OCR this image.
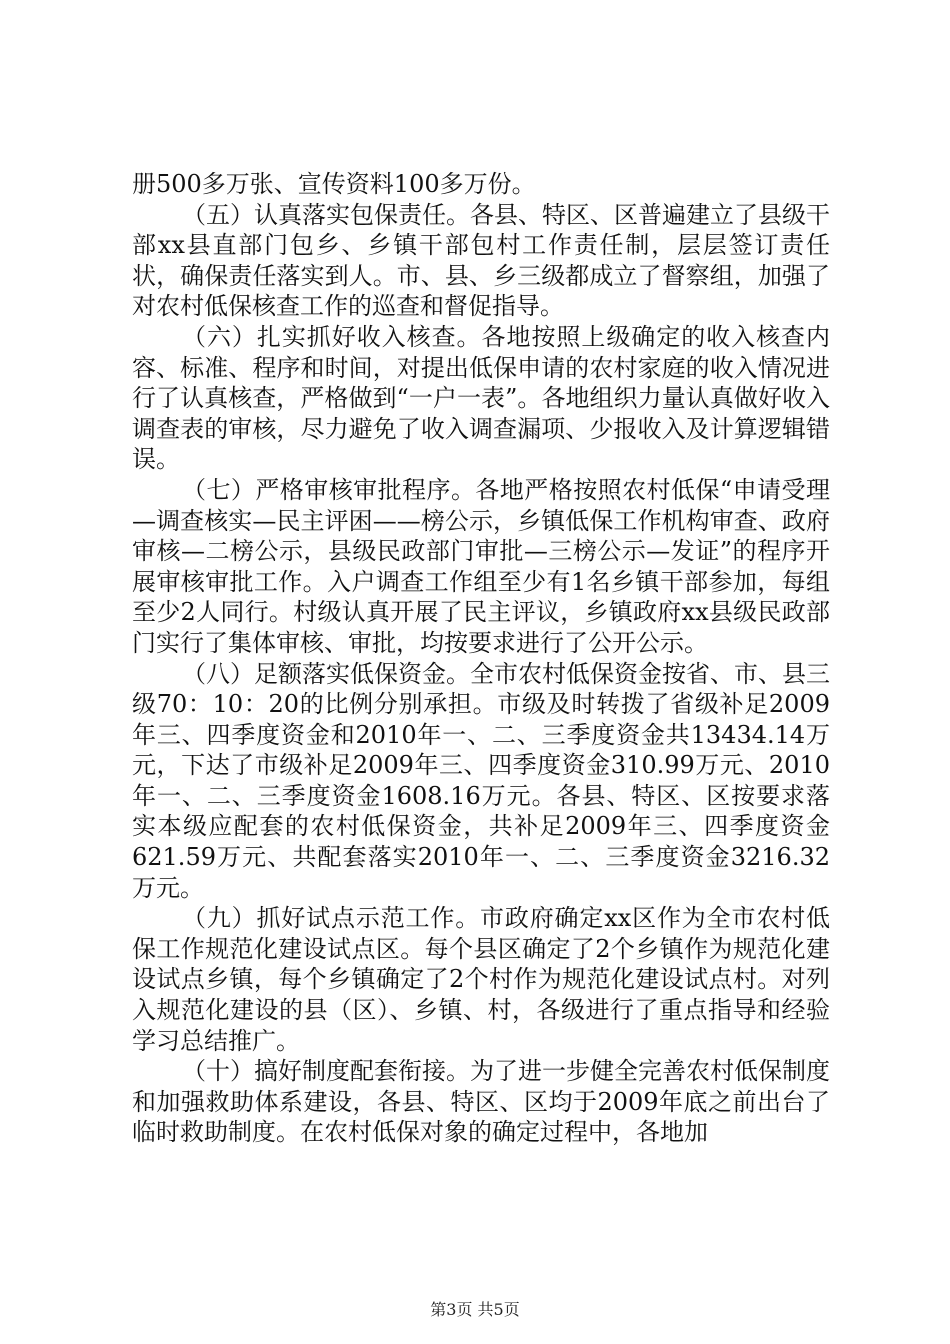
册500多万张、宣传资料100多万份。

（五）认真落实包保责任。各县、特区、区普遍建立了县级干部xx县直部门包乡、乡镇干部包村工作责任制，层层签订责任状，确保责任落实到人。市、县、乡三级都成立了督察组，加强了对农村低保核查工作的巡查和督促指导。

（六）扎实抓好收入核查。各地按照上级确定的收入核查内容、标准、程序和时间，对提出低保申请的农村家庭的收入情况进行了认真核查，严格做到“一户一表”。各地组织力量认真做好收入调查表的审核，尽力避免了收入调查漏项、少报收入及计算逻辑错误。

（七）严格审核审批程序。各地严格按照农村低保“申请受理—调查核实—民主评困——榜公示，乡镇低保工作机构审查、政府审核—二榜公示，县级民政部门审批—三榜公示—发证”的程序开展审核审批工作。入户调查工作组至少有1名乡镇干部参加，每组至少2人同行。村级认真开展了民主评议，乡镇政府xx县级民政部门实行了集体审核、审批，均按要求进行了公开公示。

（八）足额落实低保资金。全市农村低保资金按省、市、县三级70：10：20的比例分别承担。市级及时转拨了省级补足2009年三、四季度资金和2010年一、二、三季度资金共13434.14万元，下达了市级补足2009年三、四季度资金310.99万元、2010年一、二、三季度资金1608.16万元。各县、特区、区按要求落实本级应配套的农村低保资金，共补足2009年三、四季度资金621.59万元、共配套落实2010年一、二、三季度资金3216.32万元。

（九）抓好试点示范工作。市政府确定xx区作为全市农村低保工作规范化建设试点区。每个县区确定了2个乡镇作为规范化建设试点乡镇，每个乡镇确定了2个村作为规范化建设试点村。对列入规范化建设的县（区）、乡镇、村，各级进行了重点指导和经验学习总结推广。

（十）搞好制度配套衔接。为了进一步健全完善农村低保制度和加强救助体系建设，各县、特区、区均于2009年底之前出台了临时救助制度。在农村低保对象的确定过程中，各地加

第3页 共5页
